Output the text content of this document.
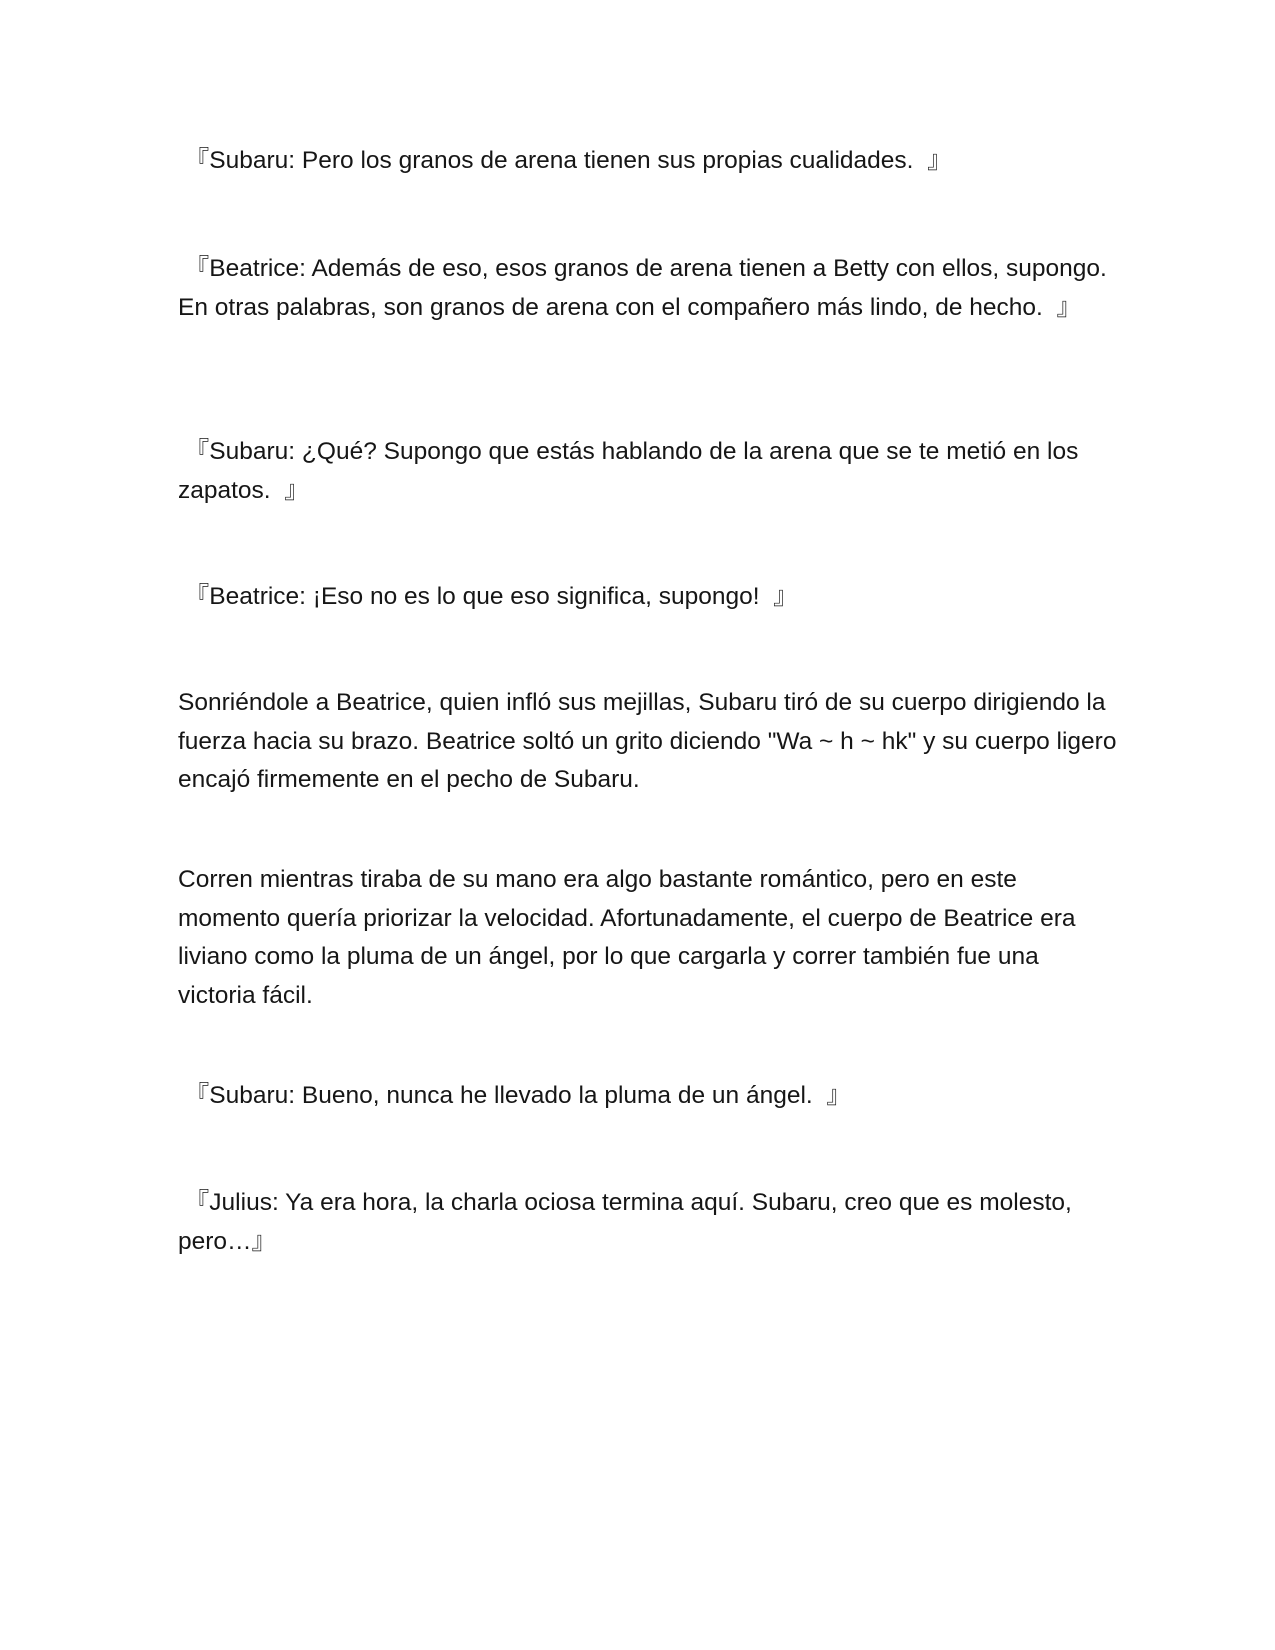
『Subaru: Pero los granos de arena tienen sus propias cualidades.  』

『Beatrice: Además de eso, esos granos de arena tienen a Betty con ellos, supongo. En otras palabras, son granos de arena con el compañero más lindo, de hecho.  』

『Subaru: ¿Qué? Supongo que estás hablando de la arena que se te metió en los zapatos.  』

『Beatrice: ¡Eso no es lo que eso significa, supongo!  』

Sonriéndole a Beatrice, quien infló sus mejillas, Subaru tiró de su cuerpo dirigiendo la fuerza hacia su brazo. Beatrice soltó un grito diciendo "Wa ~ h ~ hk" y su cuerpo ligero encajó firmemente en el pecho de Subaru.

Corren mientras tiraba de su mano era algo bastante romántico, pero en este momento quería priorizar la velocidad. Afortunadamente, el cuerpo de Beatrice era liviano como la pluma de un ángel, por lo que cargarla y correr también fue una victoria fácil.

『Subaru: Bueno, nunca he llevado la pluma de un ángel.  』

『Julius: Ya era hora, la charla ociosa termina aquí. Subaru, creo que es molesto, pero…』
